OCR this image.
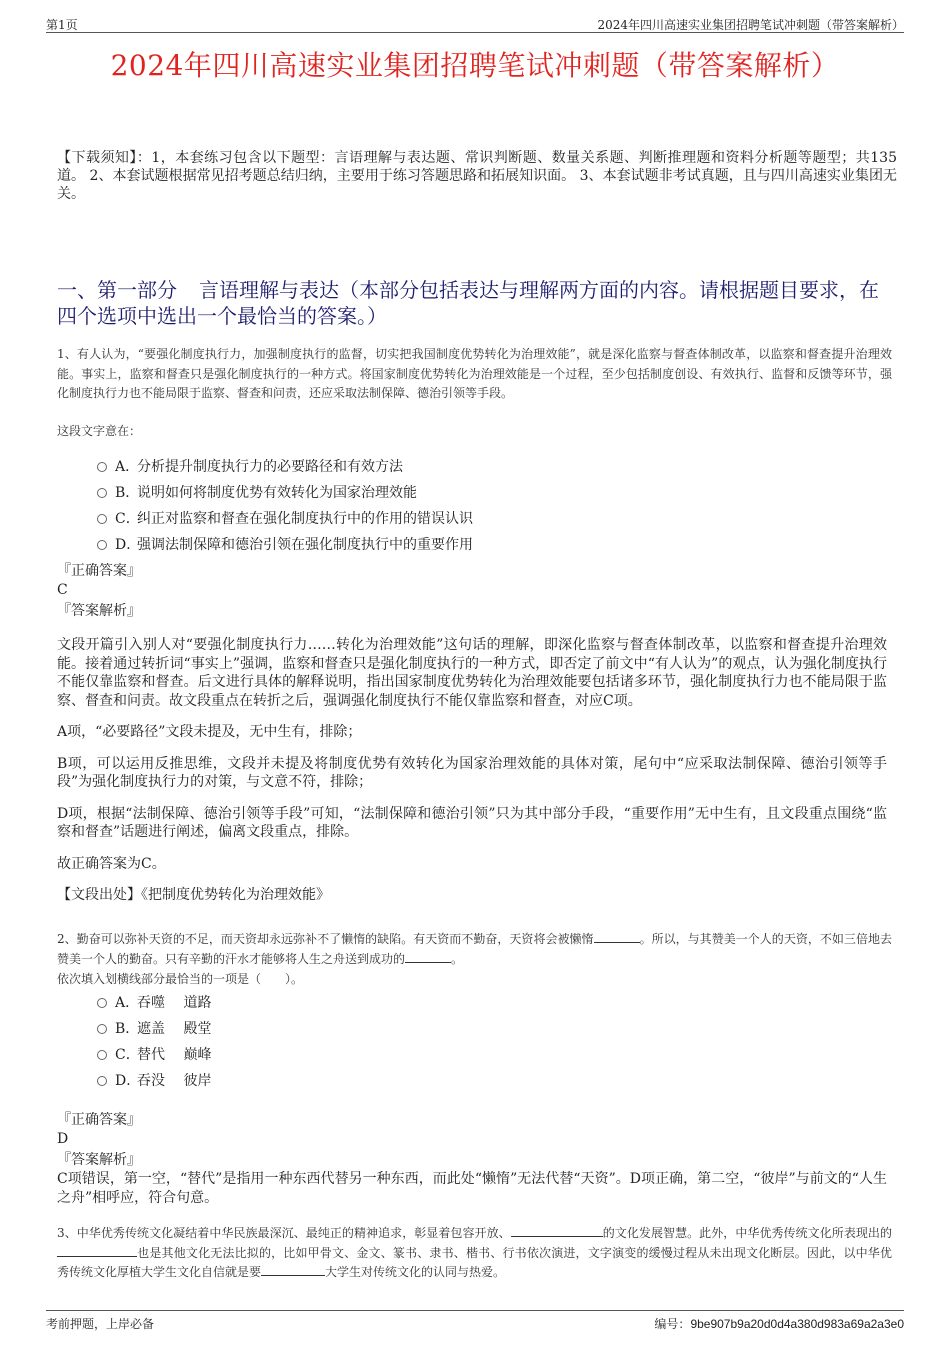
第1页	2024年四川高速实业集团招聘笔试冲刺题（带答案解析）
2024年四川高速实业集团招聘笔试冲刺题（带答案解析）
【下载须知】：1，本套练习包含以下题型：言语理解与表达题、常识判断题、数量关系题、判断推理题和资料分析题等题型；共135道。 2、本套试题根据常见招考题总结归纳，主要用于练习答题思路和拓展知识面。 3、本套试题非考试真题，且与四川高速实业集团无关。
一、第一部分 言语理解与表达（本部分包括表达与理解两方面的内容。请根据题目要求，在四个选项中选出一个最恰当的答案。）
1、有人认为，“要强化制度执行力，加强制度执行的监督，切实把我国制度优势转化为治理效能”，就是深化监察与督查体制改革，以监察和督查提升治理效能。事实上，监察和督查只是强化制度执行的一种方式。将国家制度优势转化为治理效能是一个过程，至少包括制度创设、有效执行、监督和反馈等环节，强化制度执行力也不能局限于监察、督查和问责，还应采取法制保障、德治引领等手段。
这段文字意在：
A．
分析提升制度执行力的必要路径和有效方法
B．
说明如何将制度优势有效转化为国家治理效能
C．
纠正对监察和督查在强化制度执行中的作用的错误认识
D．
强调法制保障和德治引领在强化制度执行中的重要作用
『正确答案』
C
『答案解析』

文段开篇引入别人对“要强化制度执行力……转化为治理效能”这句话的理解，即深化监察与督查体制改革，以监察和督查提升治理效能。接着通过转折词“事实上”强调，监察和督查只是强化制度执行的一种方式，即否定了前文中“有人认为”的观点，认为强化制度执行不能仅靠监察和督查。后文进行具体的解释说明，指出国家制度优势转化为治理效能要包括诸多环节，强化制度执行力也不能局限于监察、督查和问责。故文段重点在转折之后，强调强化制度执行不能仅靠监察和督查，对应C项。

A项，“必要路径”文段未提及，无中生有，排除；

B项，可以运用反推思维，文段并未提及将制度优势有效转化为国家治理效能的具体对策，尾句中“应采取法制保障、德治引领等手段”为强化制度执行力的对策，与文意不符，排除；

D项，根据“法制保障、德治引领等手段”可知，“法制保障和德治引领”只为其中部分手段，“重要作用”无中生有，且文段重点围绕“监察和督查”话题进行阐述，偏离文段重点，排除。

故正确答案为C。

【文段出处】《把制度优势转化为治理效能》

2、勤奋可以弥补天资的不足，而天资却永远弥补不了懒惰的缺陷。有天资而不勤奋，天资将会被懒惰	。所以，与其赞美一个人的天资，不如三倍地去赞美一个人的勤奋。只有辛勤的汗水才能够将人生之舟送到成功的	。
依次填入划横线部分最恰当的一项是（　　）。
A．
吞噬　 道路
B．
遮盖　 殿堂
C．
替代　 巅峰
D．
吞没　 彼岸
『正确答案』
D
『答案解析』
C项错误，第一空，“替代”是指用一种东西代替另一种东西，而此处“懒惰”无法代替“天资”。D项正确，第二空，“彼岸”与前文的“人生之舟”相呼应，符合句意。
3、中华优秀传统文化凝结着中华民族最深沉、最纯正的精神追求，彰显着包容开放、	的文化发展智慧。此外，中华优秀传统文化所表现出的也是其他文化无法比拟的，比如甲骨文、金文、篆书、隶书、楷书、行书依次演进，文字演变的缓慢过程从未出现文化断层。因此，以中华优秀传统文化厚植大学生文化自信就是要	大学生对传统文化的认同与热爱。
考前押题，上岸必备	编号：9be907b9a20d0d4a380d983a69a2a3e0
